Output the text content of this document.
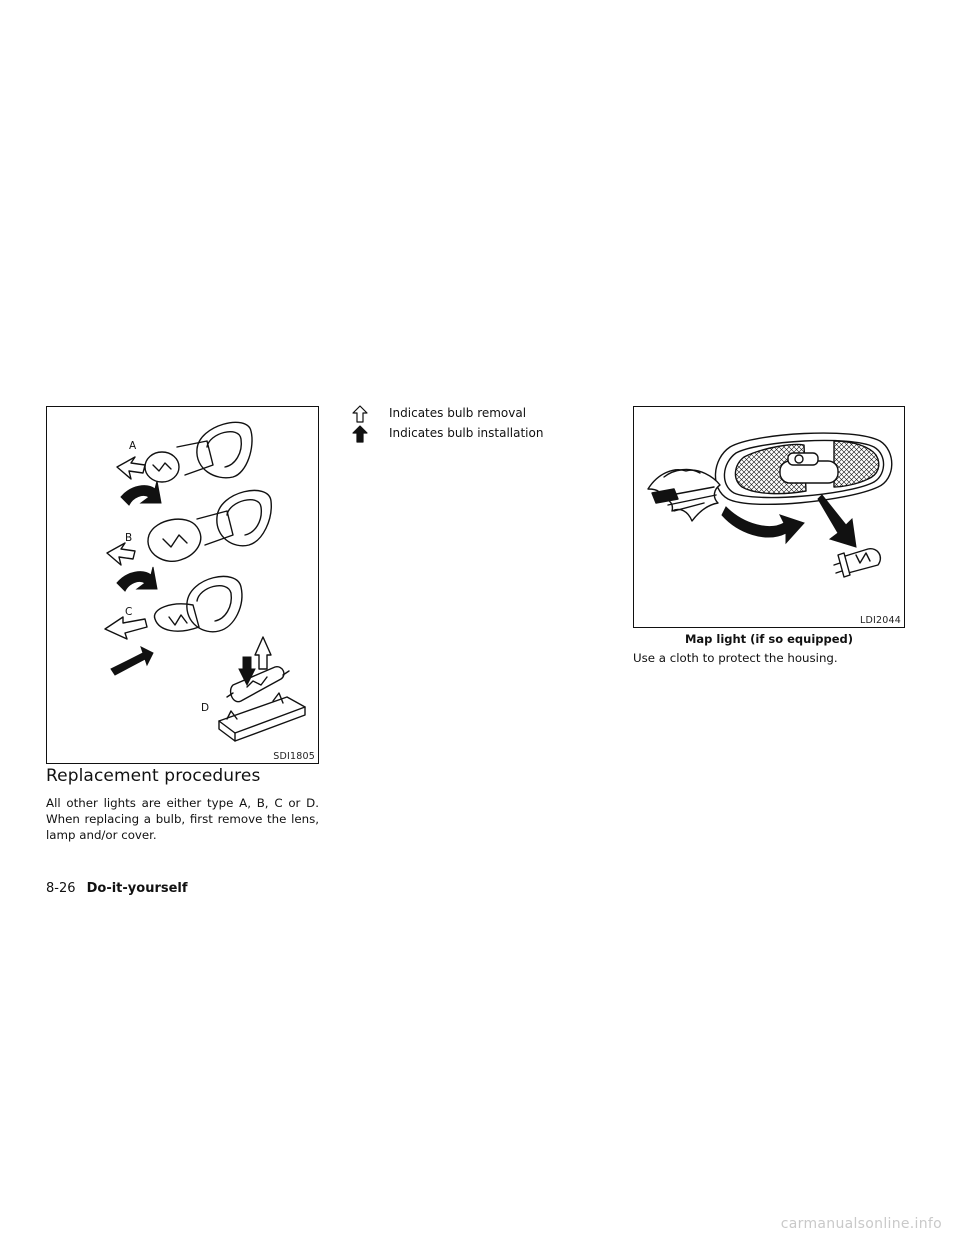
A
B
C
D
SDI1805
Replacement procedures
All other lights are either type A, B, C or D. When replacing a bulb, first remove the lens, lamp and/or cover.
Indicates bulb removal
Indicates bulb installation
LDI2044
Map light (if so equipped)
Use a cloth to protect the housing.
8-26 Do-it-yourself
carmanualsonline.info
